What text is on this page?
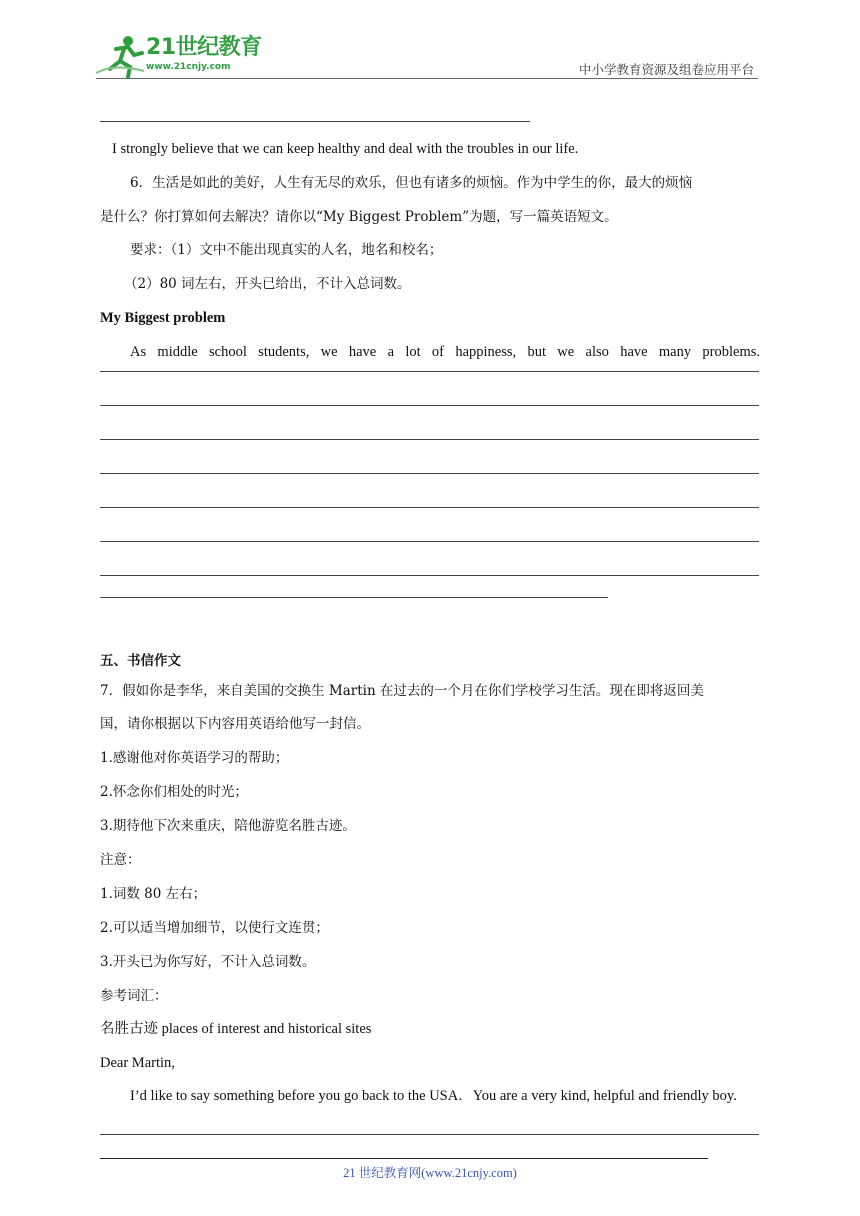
21世纪教育
www.21cnjy.com	中小学教育资源及组卷应用平台
I strongly believe that we can keep healthy and deal with the troubles in our life.
6．生活是如此的美好，人生有无尽的欢乐，但也有诸多的烦恼。作为中学生的你，最大的烦恼
是什么？你打算如何去解决？请你以“My Biggest Problem”为题，写一篇英语短文。
要求：（1）文中不能出现真实的人名，地名和校名；
（2）80 词左右，开头已给出，不计入总词数。
My Biggest problem
As middle school students, we have a lot of happiness, but we also have many problems.
五、书信作文
7．假如你是李华，来自美国的交换生 Martin 在过去的一个月在你们学校学习生活。现在即将返回美
国，请你根据以下内容用英语给他写一封信。
1.感谢他对你英语学习的帮助；
2.怀念你们相处的时光；
3.期待他下次来重庆，陪他游览名胜古迹。
注意：
1.词数 80 左右；
2.可以适当增加细节，以使行文连贯；
3.开头已为你写好，不计入总词数。
参考词汇：
名胜古迹 places of interest and historical sites
Dear Martin,
I’d like to say something before you go back to the USA．You are a very kind, helpful and friendly boy.
21 世纪教育网(www.21cnjy.com)
